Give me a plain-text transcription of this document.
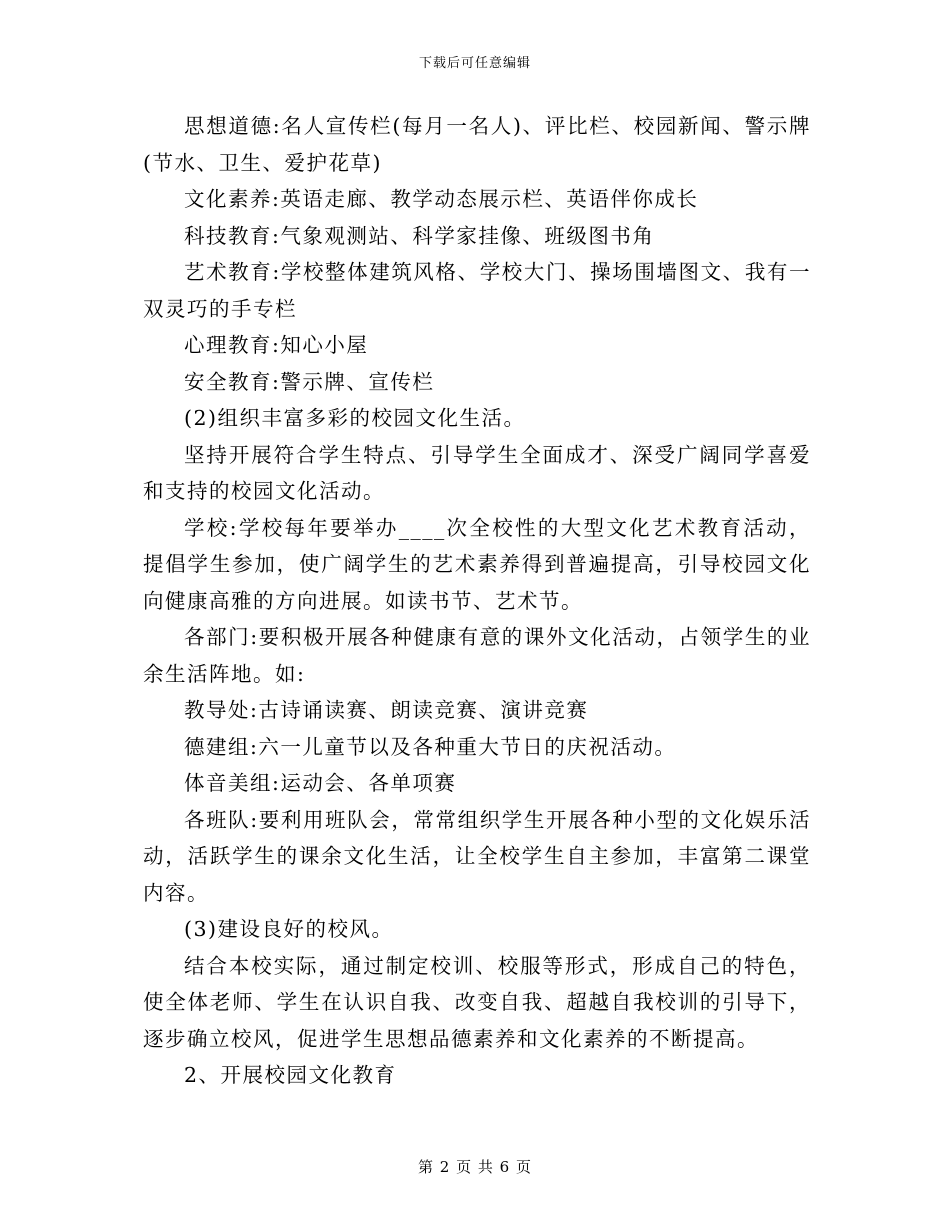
下载后可任意编辑

思想道德:名人宣传栏(每月一名人)、评比栏、校园新闻、警示牌(节水、卫生、爱护花草)

文化素养:英语走廊、教学动态展示栏、英语伴你成长

科技教育:气象观测站、科学家挂像、班级图书角

艺术教育:学校整体建筑风格、学校大门、操场围墙图文、我有一双灵巧的手专栏

心理教育:知心小屋

安全教育:警示牌、宣传栏

(2)组织丰富多彩的校园文化生活。

坚持开展符合学生特点、引导学生全面成才、深受广阔同学喜爱和支持的校园文化活动。

学校:学校每年要举办____次全校性的大型文化艺术教育活动，提倡学生参加，使广阔学生的艺术素养得到普遍提高，引导校园文化向健康高雅的方向进展。如读书节、艺术节。

各部门:要积极开展各种健康有意的课外文化活动，占领学生的业余生活阵地。如:

教导处:古诗诵读赛、朗读竞赛、演讲竞赛

德建组:六一儿童节以及各种重大节日的庆祝活动。

体音美组:运动会、各单项赛

各班队:要利用班队会，常常组织学生开展各种小型的文化娱乐活动，活跃学生的课余文化生活，让全校学生自主参加，丰富第二课堂内容。

(3)建设良好的校风。

结合本校实际，通过制定校训、校服等形式，形成自己的特色，使全体老师、学生在认识自我、改变自我、超越自我校训的引导下，逐步确立校风，促进学生思想品德素养和文化素养的不断提高。

2、开展校园文化教育

第 2 页 共 6 页
